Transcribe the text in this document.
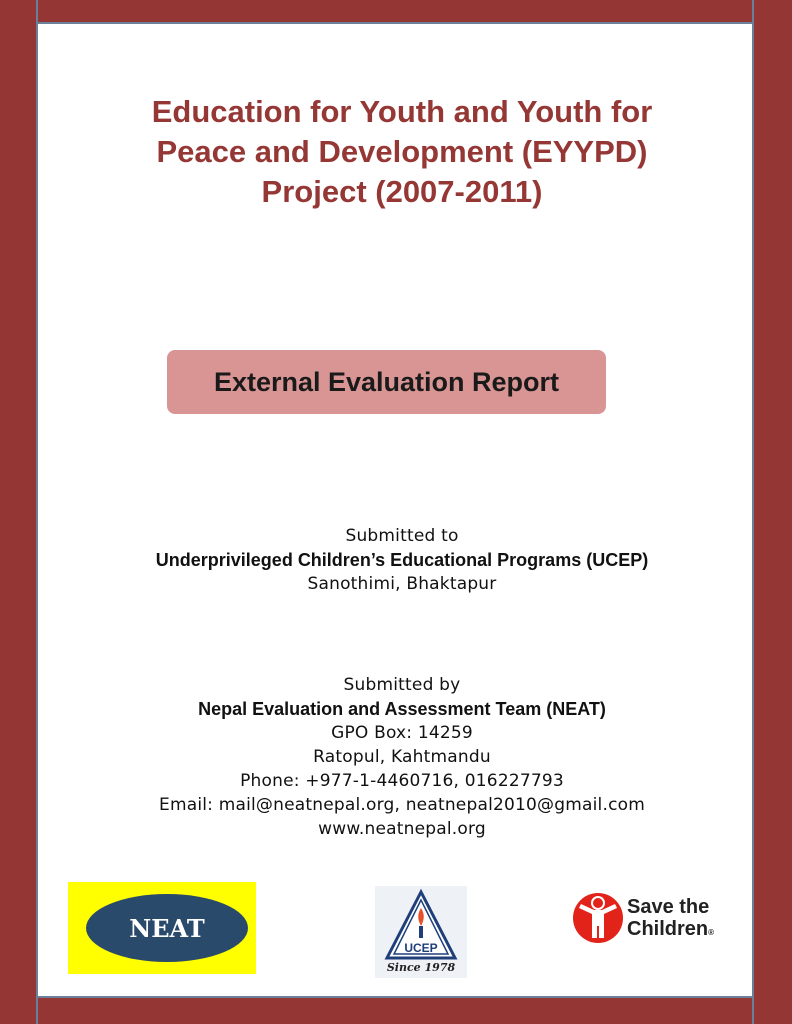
Education for Youth and Youth for
Peace and Development (EYYPD)
Project (2007-2011)
External Evaluation Report
Submitted to
Underprivileged Children’s Educational Programs (UCEP)
Sanothimi, Bhaktapur
Submitted by
Nepal Evaluation and Assessment Team (NEAT)
GPO Box: 14259
Ratopul, Kahtmandu
Phone: +977-1-4460716, 016227793
Email: mail@neatnepal.org, neatnepal2010@gmail.com
www.neatnepal.org
NEAT
UCEP
Since 1978
Save the
Children®
